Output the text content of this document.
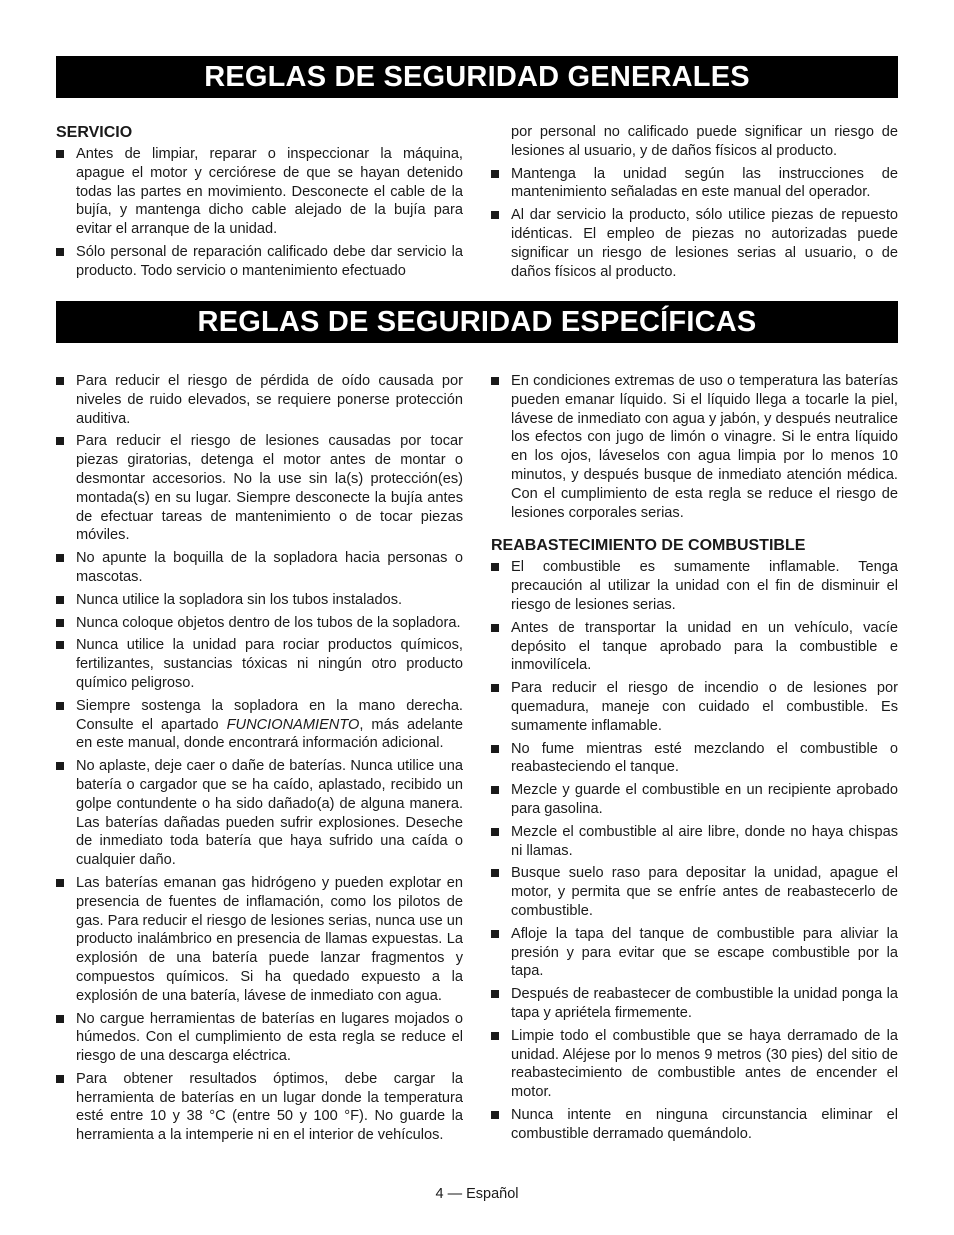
REGLAS DE SEGURIDAD GENERALES
SERVICIO
Antes de limpiar, reparar o inspeccionar la máquina, apague el motor y cerciórese de que se hayan detenido todas las partes en movimiento. Desconecte el cable de la bujía, y mantenga dicho cable alejado de la bujía para evitar el arranque de la unidad.
Sólo personal de reparación calificado debe dar servicio la producto. Todo servicio o mantenimiento efectuado
por personal no calificado puede significar un riesgo de lesiones al usuario, y de daños físicos al producto.
Mantenga la unidad según las instrucciones de mantenimiento señaladas en este manual del operador.
Al dar servicio la producto, sólo utilice piezas de repuesto idénticas. El empleo de piezas no autorizadas puede significar un riesgo de lesiones serias al usuario, o de daños físicos al producto.
REGLAS DE SEGURIDAD ESPECÍFICAS
Para reducir el riesgo de pérdida de oído causada por niveles de ruido elevados, se requiere ponerse protección auditiva.
Para reducir el riesgo de lesiones causadas por tocar piezas giratorias, detenga el motor antes de montar o desmontar accesorios. No la use sin la(s) protección(es) montada(s) en su lugar. Siempre desconecte la bujía antes de efectuar tareas de mantenimiento o de tocar piezas móviles.
No apunte la boquilla de la sopladora hacia personas o mascotas.
Nunca utilice la sopladora sin los tubos instalados.
Nunca coloque objetos dentro de los tubos de la sopladora.
Nunca utilice la unidad para rociar productos químicos, fertilizantes, sustancias tóxicas ni ningún otro producto químico peligroso.
Siempre sostenga la sopladora en la mano derecha. Consulte el apartado FUNCIONAMIENTO, más adelante en este manual, donde encontrará información adicional.
No aplaste, deje caer o dañe de baterías. Nunca utilice una batería o cargador que se ha caído, aplastado, recibido un golpe contundente o ha sido dañado(a) de alguna manera. Las baterías dañadas pueden sufrir explosiones. Deseche de inmediato toda batería que haya sufrido una caída o cualquier daño.
Las baterías emanan gas hidrógeno y pueden explotar en presencia de fuentes de inflamación, como los pilotos de gas. Para reducir el riesgo de lesiones serias, nunca use un producto inalámbrico en presencia de llamas expuestas. La explosión de una batería puede lanzar fragmentos y compuestos químicos. Si ha quedado expuesto a la explosión de una batería, lávese de inmediato con agua.
No cargue herramientas de baterías en lugares mojados o húmedos. Con el cumplimiento de esta regla se reduce el riesgo de una descarga eléctrica.
Para obtener resultados óptimos, debe cargar la herramienta de baterías en un lugar donde la temperatura esté entre 10 y 38 °C (entre 50 y 100 °F). No guarde la herramienta a la intemperie ni en el interior de vehículos.
En condiciones extremas de uso o temperatura las baterías pueden emanar líquido. Si el líquido llega a tocarle la piel, lávese de inmediato con agua y jabón, y después neutralice los efectos con jugo de limón o vinagre. Si le entra líquido en los ojos, láveselos con agua limpia por lo menos 10 minutos, y después busque de inmediato atención médica. Con el cumplimiento de esta regla se reduce el riesgo de lesiones corporales serias.
REABASTECIMIENTO DE COMBUSTIBLE
El combustible es sumamente inflamable. Tenga precaución al utilizar la unidad con el fin de disminuir el riesgo de lesiones serias.
Antes de transportar la unidad en un vehículo, vacíe depósito el tanque aprobado para la combustible e inmovilícela.
Para reducir el riesgo de incendio o de lesiones por quemadura, maneje con cuidado el combustible. Es sumamente inflamable.
No fume mientras esté mezclando el combustible o reabasteciendo el tanque.
Mezcle y guarde el combustible en un recipiente aprobado para gasolina.
Mezcle el combustible al aire libre, donde no haya chispas ni llamas.
Busque suelo raso para depositar la unidad, apague el motor, y permita que se enfríe antes de reabastecerlo de combustible.
Afloje la tapa del tanque de combustible para aliviar la presión y para evitar que se escape combustible por la tapa.
Después de reabastecer de combustible la unidad ponga la tapa y apriétela firmemente.
Limpie todo el combustible que se haya derramado de la unidad. Aléjese por lo menos 9 metros (30 pies) del sitio de reabastecimiento de combustible antes de encender el motor.
Nunca intente en ninguna circunstancia eliminar el combustible derramado quemándolo.
4 — Español
